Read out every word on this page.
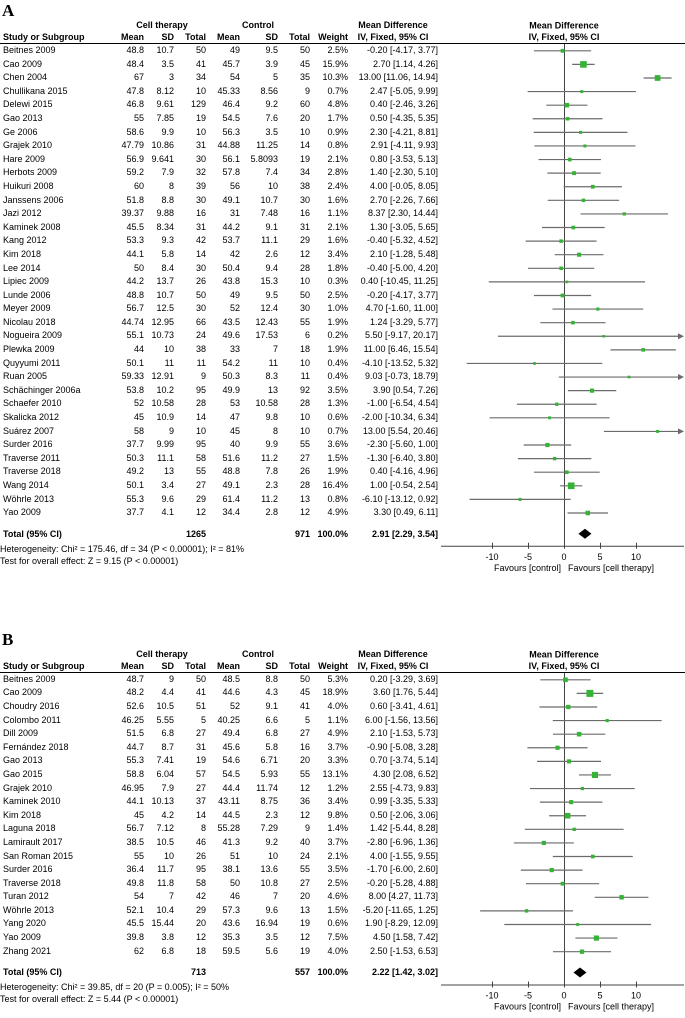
A
Cell therapy	Control	Mean Difference
Study or Subgroup	Mean	SD	Total	Mean	SD	Total Weight	IV, Fixed, 95% CI
Beitnes 2009	48.8	10.7	50	49	9.5	50	2.5%	-0.20 [-4.17, 3.77]
Cao 2009	48.4	3.5	41	45.7	3.9	45	15.9%	2.70 [1.14, 4.26]
Chen 2004	67	3	34	54	5	35	10.3%	13.00 [11.06, 14.94]
Chullikana 2015	47.8	8.12	10	45.33	8.56	9	0.7%	2.47 [-5.05, 9.99]
Delewi 2015	46.8	9.61	129	46.4	9.2	60	4.8%	0.40 [-2.46, 3.26]
Gao 2013	55	7.85	19	54.5	7.6	20	1.7%	0.50 [-4.35, 5.35]
Ge 2006	58.6	9.9	10	56.3	3.5	10	0.9%	2.30 [-4.21, 8.81]
Grajek 2010	47.79 10.86	31	44.88	11.25	14	0.8%	2.91 [-4.11, 9.93]
Hare 2009	56.9 9.641	30	56.1	5.8093	19	2.1%	0.80 [-3.53, 5.13]
Herbots 2009	59.2	7.9	32	57.8	7.4	34	2.8%	1.40 [-2.30, 5.10]
Huikuri 2008	60	8	39	56	10	38	2.4%	4.00 [-0.05, 8.05]
Janssens 2006	51.8	8.8	30	49.1	10.7	30	1.6%	2.70 [-2.26, 7.66]
Jazi 2012	39.37	9.88	16	31	7.48	16	1.1%	8.37 [2.30, 14.44]
Kaminek 2008	45.5	8.34	31	44.2	9.1	31	2.1%	1.30 [-3.05, 5.65]
Kang 2012	53.3	9.3	42	53.7	11.1	29	1.6%	-0.40 [-5.32, 4.52]
Kim 2018	44.1	5.8	14	42	2.6	12	3.4%	2.10 [-1.28, 5.48]
Lee 2014	50	8.4	30	50.4	9.4	28	1.8%	-0.40 [-5.00, 4.20]
Lipiec 2009	44.2	13.7	26	43.8	15.3	10	0.3%	0.40 [-10.45, 11.25]
Lunde 2006	48.8	10.7	50	49	9.5	50	2.5%	-0.20 [-4.17, 3.77]
Meyer 2009	56.7	12.5	30	52	12.4	30	1.0%	4.70 [-1.60, 11.00]
Nicolau 2018	44.74 12.95	66	43.5	12.43	55	1.9%	1.24 [-3.29, 5.77]
Nogueira 2009	55.1 10.73	24	49.6	17.53	6	0.2%	5.50 [-9.17, 20.17]
Plewka 2009	44	10	38	33	7	18	1.9%	11.00 [6.46, 15.54]
Quyyumi 2011	50.1	11	11	54.2	11	10	0.4%	-4.10 [-13.52, 5.32]
Ruan 2005	59.33 12.91	9	50.3	8.3	11	0.4%	9.03 [-0.73, 18.79]
Schächinger 2006a	53.8	10.2	95	49.9	13	92	3.5%	3.90 [0.54, 7.26]
Schaefer 2010	52 10.58	28	53	10.58	28	1.3%	-1.00 [-6.54, 4.54]
Skalicka 2012	45	10.9	14	47	9.8	10	0.6%	-2.00 [-10.34, 6.34]
Suárez 2007	58	9	10	45	8	10	0.7%	13.00 [5.54, 20.46]
Surder 2016	37.7	9.99	95	40	9.9	55	3.6%	-2.30 [-5.60, 1.00]
Traverse 2011	50.3	11.1	58	51.6	11.2	27	1.5%	-1.30 [-6.40, 3.80]
Traverse 2018	49.2	13	55	48.8	7.8	26	1.9%	0.40 [-4.16, 4.96]
Wang 2014	50.1	3.4	27	49.1	2.3	28	16.4%	1.00 [-0.54, 2.54]
Wöhrle 2013	55.3	9.6	29	61.4	11.2	13	0.8%	-6.10 [-13.12, 0.92]
Yao 2009	37.7	4.1	12	34.4	2.8	12	4.9%	3.30 [0.49, 6.11]
Total (95% CI)	1265	971 100.0%	2.91 [2.29, 3.54]
Heterogeneity: Chi² = 175.46, df = 34 (P < 0.00001); I² = 81%
Test for overall effect: Z = 9.15 (P < 0.00001)
Mean Difference
IV, Fixed, 95% CI
-10	-5	0	5	10
Favours [control] Favours [cell therapy]
B
Cell therapy	Control	Mean Difference
Study or Subgroup	Mean	SD	Total	Mean	SD	Total Weight	IV, Fixed, 95% CI
Beitnes 2009	48.7	9	50	48.5	8.8	50	5.3%	0.20 [-3.29, 3.69]
Cao 2009	48.2	4.4	41	44.6	4.3	45	18.9%	3.60 [1.76, 5.44]
Choudry 2016	52.6	10.5	51	52	9.1	41	4.0%	0.60 [-3.41, 4.61]
Colombo 2011	46.25	5.55	5	40.25	6.6	5	1.1%	6.00 [-1.56, 13.56]
Dill 2009	51.5	6.8	27	49.4	6.8	27	4.9%	2.10 [-1.53, 5.73]
Fernández 2018	44.7	8.7	31	45.6	5.8	16	3.7%	-0.90 [-5.08, 3.28]
Gao 2013	55.3	7.41	19	54.6	6.71	20	3.3%	0.70 [-3.74, 5.14]
Gao 2015	58.8	6.04	57	54.5	5.93	55	13.1%	4.30 [2.08, 6.52]
Grajek 2010	46.95	7.9	27	44.4	11.74	12	1.2%	2.55 [-4.73, 9.83]
Kaminek 2010	44.1 10.13	37	43.11	8.75	36	3.4%	0.99 [-3.35, 5.33]
Kim 2018	45	4.2	14	44.5	2.3	12	9.8%	0.50 [-2.06, 3.06]
Laguna 2018	56.7	7.12	8	55.28	7.29	9	1.4%	1.42 [-5.44, 8.28]
Lamirault 2017	38.5	10.5	46	41.3	9.2	40	3.7%	-2.80 [-6.96, 1.36]
San Roman 2015	55	10	26	51	10	24	2.1%	4.00 [-1.55, 9.55]
Surder 2016	36.4	11.7	95	38.1	13.6	55	3.5%	-1.70 [-6.00, 2.60]
Traverse 2018	49.8	11.8	58	50	10.8	27	2.5%	-0.20 [-5.28, 4.88]
Turan 2012	54	7	42	46	7	20	4.6%	8.00 [4.27, 11.73]
Wöhrle 2013	52.1	10.4	29	57.3	9.6	13	1.5%	-5.20 [-11.65, 1.25]
Yang 2020	45.5 15.44	20	43.6	16.94	19	0.6%	1.90 [-8.29, 12.09]
Yao 2009	39.8	3.8	12	35.3	3.5	12	7.5%	4.50 [1.58, 7.42]
Zhang 2021	62	6.8	18	59.5	5.6	19	4.0%	2.50 [-1.53, 6.53]
Total (95% CI)	713	557 100.0%	2.22 [1.42, 3.02]
Heterogeneity: Chi² = 39.85, df = 20 (P = 0.005); I² = 50%
Test for overall effect: Z = 5.44 (P < 0.00001)
Mean Difference
IV, Fixed, 95% CI
-10	-5	0	5	10
Favours [control] Favours [cell therapy]
